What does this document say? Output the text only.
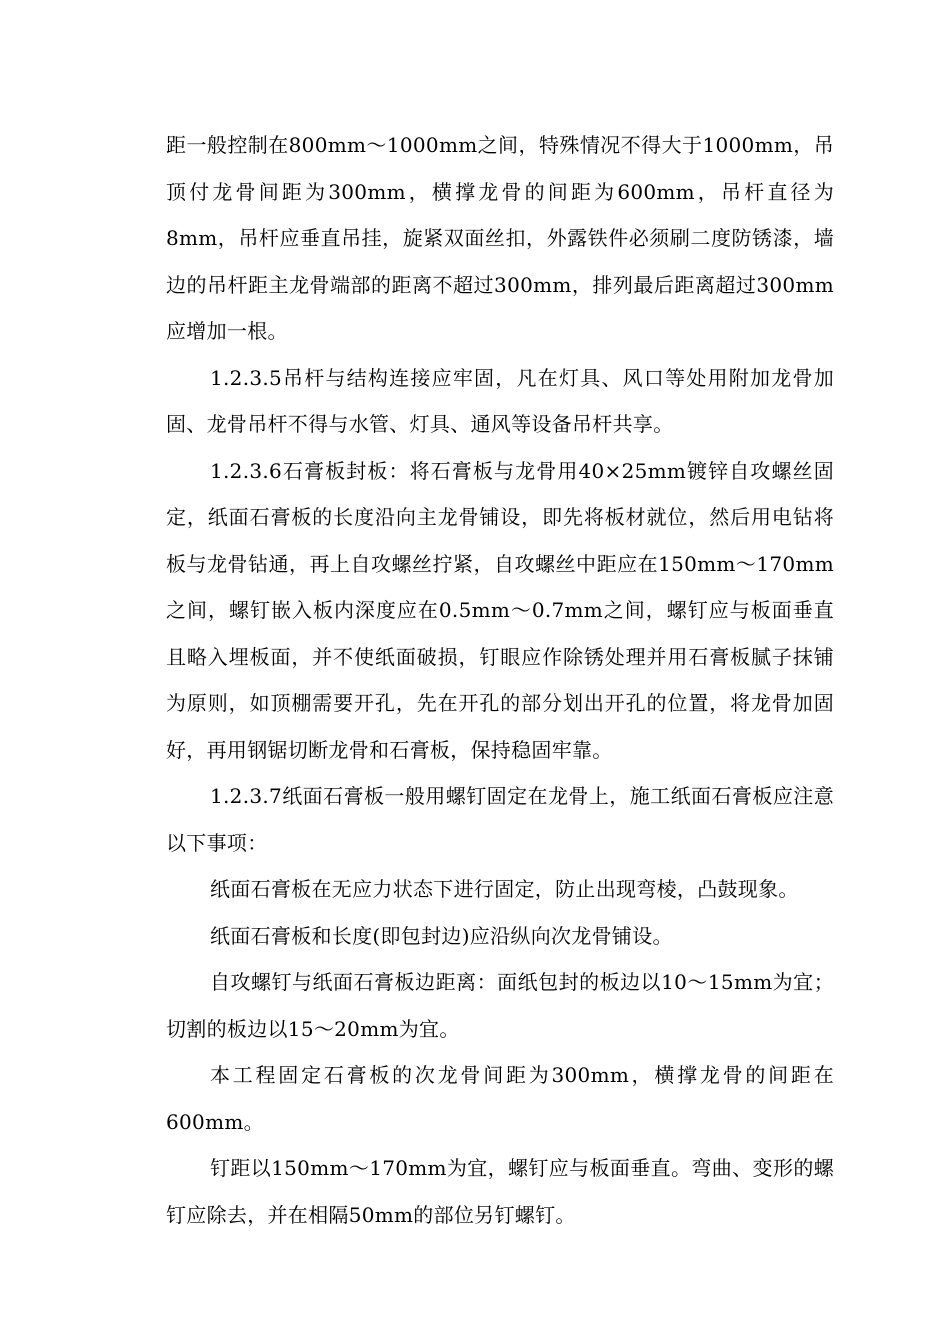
距一般控制在800mm～1000mm之间，特殊情况不得大于1000mm，吊顶付龙骨间距为300mm，横撑龙骨的间距为600mm，吊杆直径为8mm，吊杆应垂直吊挂，旋紧双面丝扣，外露铁件必须刷二度防锈漆，墙边的吊杆距主龙骨端部的距离不超过300mm，排列最后距离超过300mm应增加一根。

1.2.3.5吊杆与结构连接应牢固，凡在灯具、风口等处用附加龙骨加固、龙骨吊杆不得与水管、灯具、通风等设备吊杆共享。

1.2.3.6石膏板封板：将石膏板与龙骨用40×25mm镀锌自攻螺丝固定，纸面石膏板的长度沿向主龙骨铺设，即先将板材就位，然后用电钻将板与龙骨钻通，再上自攻螺丝拧紧，自攻螺丝中距应在150mm～170mm之间，螺钉嵌入板内深度应在0.5mm～0.7mm之间，螺钉应与板面垂直且略入埋板面，并不使纸面破损，钉眼应作除锈处理并用石膏板腻子抹铺为原则，如顶棚需要开孔，先在开孔的部分划出开孔的位置，将龙骨加固好，再用钢锯切断龙骨和石膏板，保持稳固牢靠。

1.2.3.7纸面石膏板一般用螺钉固定在龙骨上，施工纸面石膏板应注意以下事项：

纸面石膏板在无应力状态下进行固定，防止出现弯棱，凸鼓现象。

纸面石膏板和长度(即包封边)应沿纵向次龙骨铺设。

自攻螺钉与纸面石膏板边距离：面纸包封的板边以10～15mm为宜；切割的板边以15～20mm为宜。

本工程固定石膏板的次龙骨间距为300mm，横撑龙骨的间距在600mm。

钉距以150mm～170mm为宜，螺钉应与板面垂直。弯曲、变形的螺钉应除去，并在相隔50mm的部位另钉螺钉。
